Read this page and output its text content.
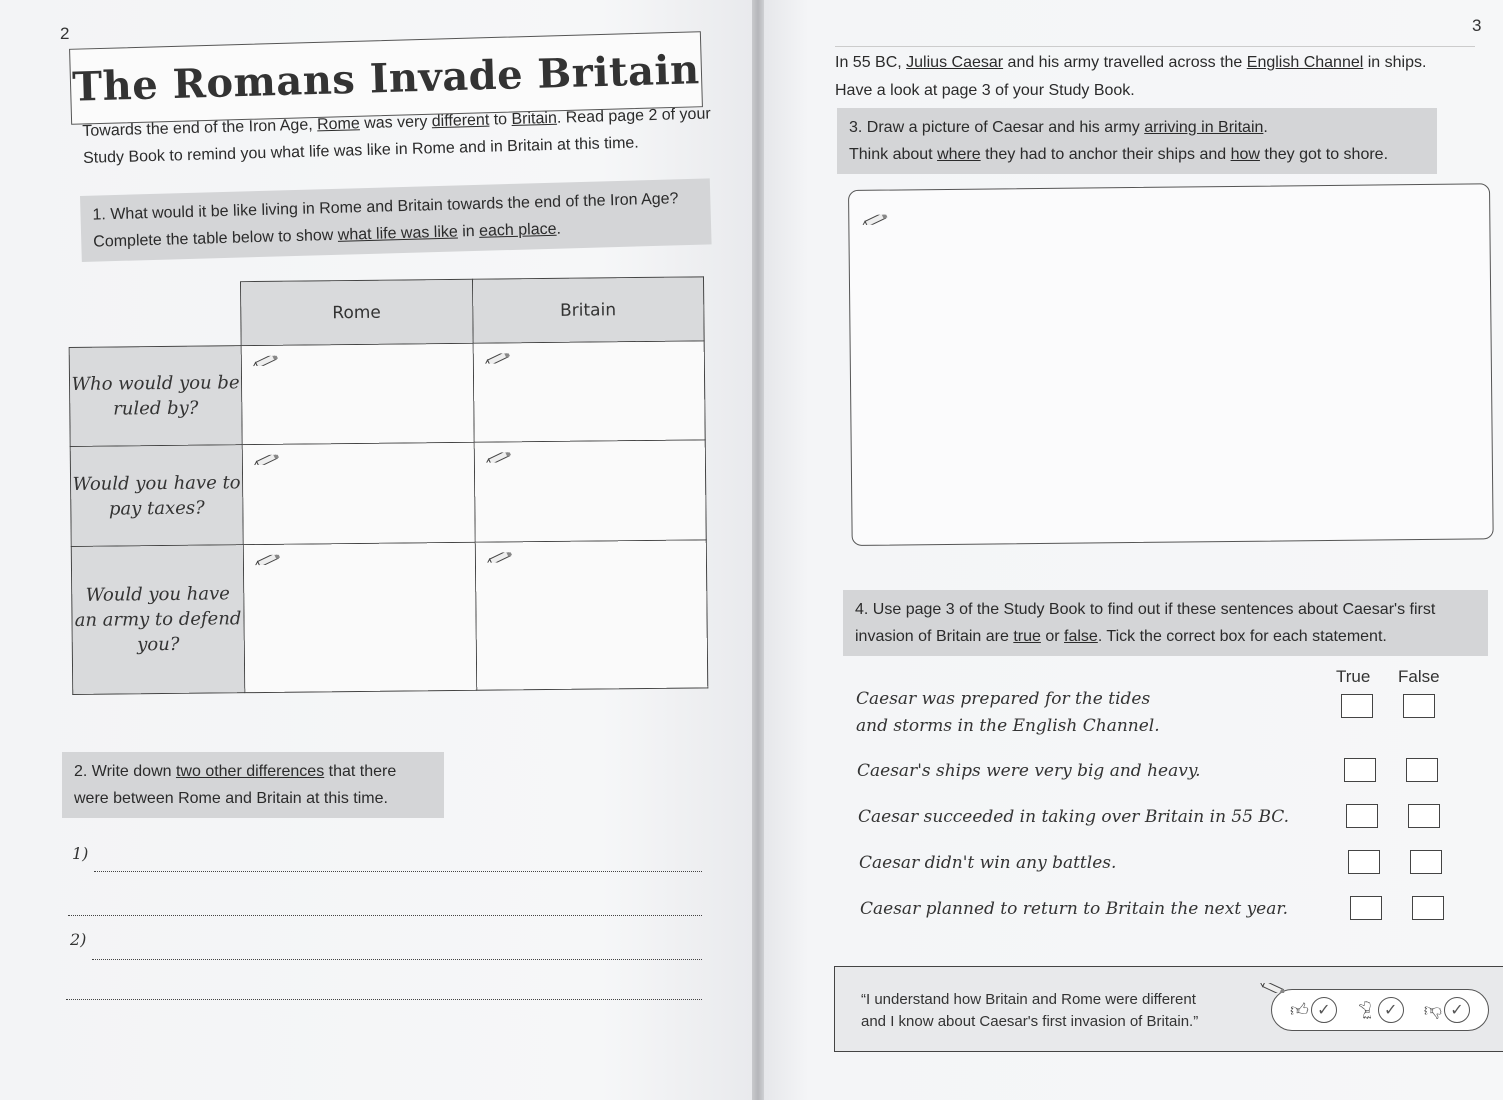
2
The Romans Invade Britain
Towards the end of the Iron Age, Rome was very different to Britain. Read page 2 of your Study Book to remind you what life was like in Rome and in Britain at this time.
1. What would it be like living in Rome and Britain towards the end of the Iron Age?
Complete the table below to show what life was like in each place.
	Rome	Britain
Who would you be ruled by?	

Would you have to pay taxes?	

Would you have an army to defend you?	

2. Write down two other differences that there were between Rome and Britain at this time.
1)
2)
3
In 55 BC, Julius Caesar and his army travelled across the English Channel in ships.
Have a look at page 3 of your Study Book.
3. Draw a picture of Caesar and his army arriving in Britain.
Think about where they had to anchor their ships and how they got to shore.
4. Use page 3 of the Study Book to find out if these sentences about Caesar's first invasion of Britain are true or false. Tick the correct box for each statement.
True False
Caesar was prepared for the tides and storms in the English Channel.
Caesar's ships were very big and heavy.
Caesar succeeded in taking over Britain in 55 BC.
Caesar didn't win any battles.
Caesar planned to return to Britain the next year.
“I understand how Britain and Rome were different
and I know about Caesar's first invasion of Britain.”
👍︎ ✓	👍︎ ✓	👎︎ ✓
